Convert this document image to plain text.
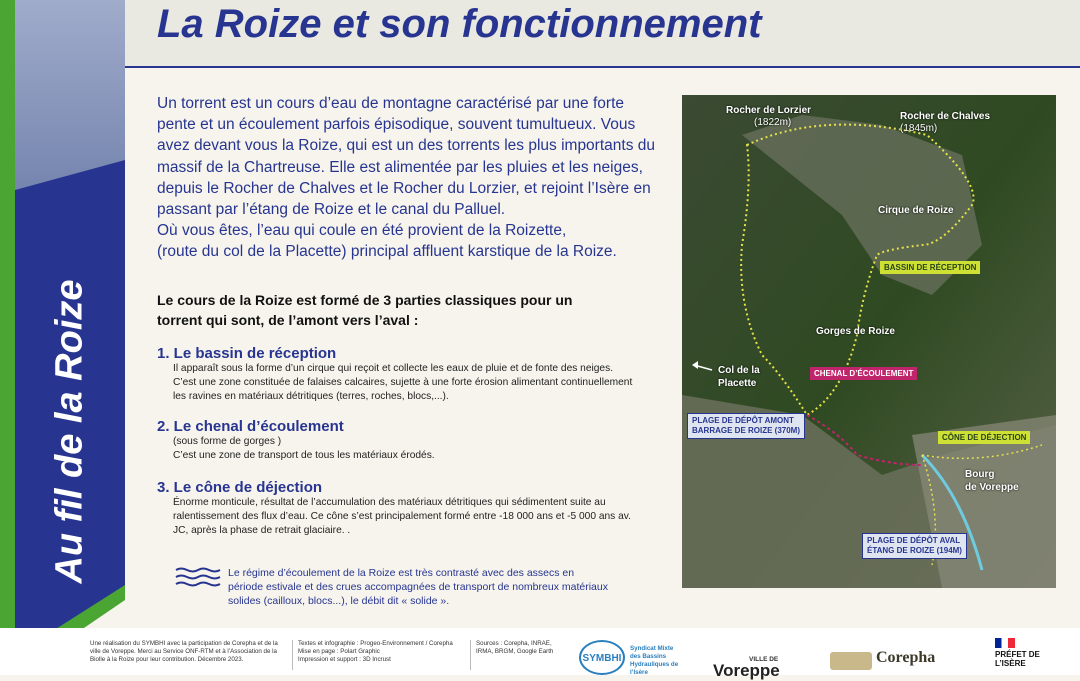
Au fil de la Roize
La Roize et son fonctionnement

Un torrent est un cours d’eau de montagne caractérisé par une forte pente et un écoulement parfois épisodique, souvent tumultueux. Vous avez devant vous la Roize, qui est un des torrents les plus importants du massif de la Chartreuse. Elle est alimentée par les pluies et les neiges, depuis le Rocher de Chalves et le Rocher du Lorzier, et rejoint l’Isère en passant par l’étang de Roize et le canal du Palluel.

Où vous êtes, l’eau qui coule en été provient de la Roizette,

(route du col de la Placette) principal affluent karstique de la Roize.

Le cours de la Roize est formé de 3 parties classiques pour un torrent qui sont, de l’amont vers l’aval :
1. Le bassin de réception
Il apparaît sous la forme d’un cirque qui reçoit et collecte les eaux de pluie et de fonte des neiges. C’est une zone constituée de falaises calcaires, sujette à une forte érosion alimentant continuellement les ravines en matériaux détritiques (terres, roches, blocs,...).
2. Le chenal d’écoulement
(sous forme de gorges )
C’est une zone de transport de tous les matériaux érodés.
3. Le cône de déjection
Énorme monticule, résultat de l’accumulation des matériaux détritiques qui sédimentent suite au ralentissement des flux d’eau. Ce cône s’est principalement formé entre -18 000 ans et -5 000 ans av. JC, après la phase de retrait glaciaire. .
Le régime d’écoulement de la Roize est très contrasté avec des assecs en période estivale et des crues accompagnées de transport de nombreux matériaux solides (cailloux, blocs...), le débit dit « solide ».
Rocher de Lorzier
(1822m)
Rocher de Chalves
(1845m)
Cirque de Roize
BASSIN DE RÉCEPTION
Gorges de Roize
Col de la
Placette
CHENAL D’ÉCOULEMENT
PLAGE DE DÉPÔT AMONT
BARRAGE DE ROIZE (370M)
CÔNE DE DÉJECTION
Bourg
de Voreppe
PLAGE DE DÉPÔT AVAL
ÉTANG DE ROIZE (194M)
Une réalisation du SYMBHI avec la participation de Corepha et de la ville de Voreppe. Merci au Service ONF-RTM et à l’Association de la Biolle à la Roize pour leur contribution. Décembre 2023.
Textes et infographie : Progeo-Environnement / Corepha
Mise en page : Polart Graphic
Impression et support : 3D Incrust
Sources : Corepha, INRAE, IRMA, BRGM, Google Earth
SYMBHI
Syndicat Mixte des Bassins Hydrauliques de l’Isère
VILLE DE
Voreppe
Corepha	PRÉFET DE L’ISÈRE
